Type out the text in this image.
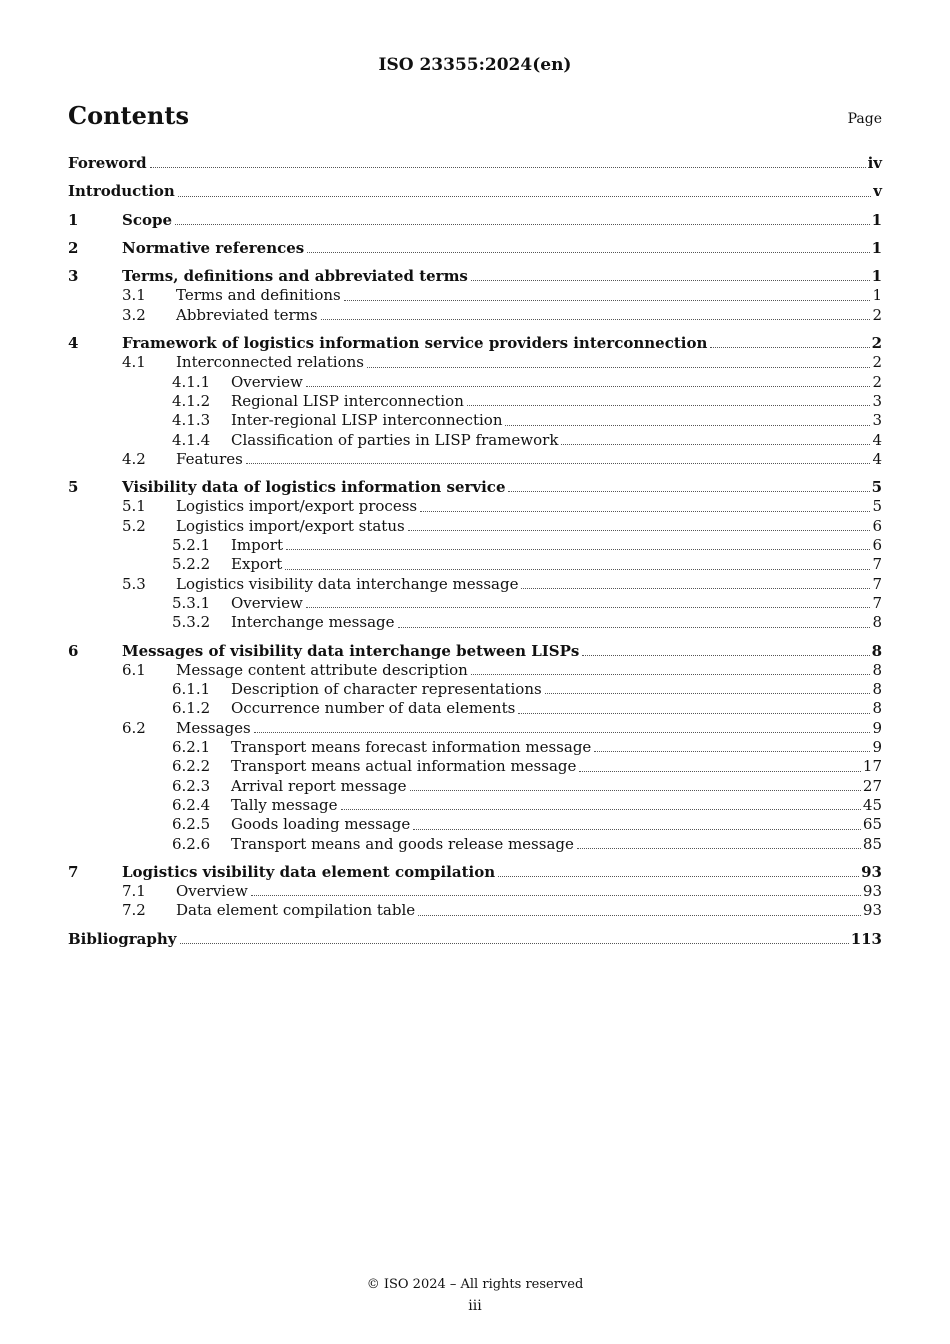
ISO 23355:2024(en)
Contents	Page
Foreword	iv
Introduction	v
1	Scope	1
2	Normative references	1
3	Terms, definitions and abbreviated terms	1
3.1	Terms and definitions	1
3.2	Abbreviated terms	2
4	Framework of logistics information service providers interconnection	2
4.1	Interconnected relations	2
4.1.1	Overview	2
4.1.2	Regional LISP interconnection	3
4.1.3	Inter-regional LISP interconnection	3
4.1.4	Classification of parties in LISP framework	4
4.2	Features	4
5	Visibility data of logistics information service	5
5.1	Logistics import/export process	5
5.2	Logistics import/export status	6
5.2.1	Import	6
5.2.2	Export	7
5.3	Logistics visibility data interchange message	7
5.3.1	Overview	7
5.3.2	Interchange message	8
6	Messages of visibility data interchange between LISPs	8
6.1	Message content attribute description	8
6.1.1	Description of character representations	8
6.1.2	Occurrence number of data elements	8
6.2	Messages	9
6.2.1	Transport means forecast information message	9
6.2.2	Transport means actual information message	17
6.2.3	Arrival report message	27
6.2.4	Tally message	45
6.2.5	Goods loading message	65
6.2.6	Transport means and goods release message	85
7	Logistics visibility data element compilation	93
7.1	Overview	93
7.2	Data element compilation table	93
Bibliography	113
© ISO 2024 – All rights reserved
iii
